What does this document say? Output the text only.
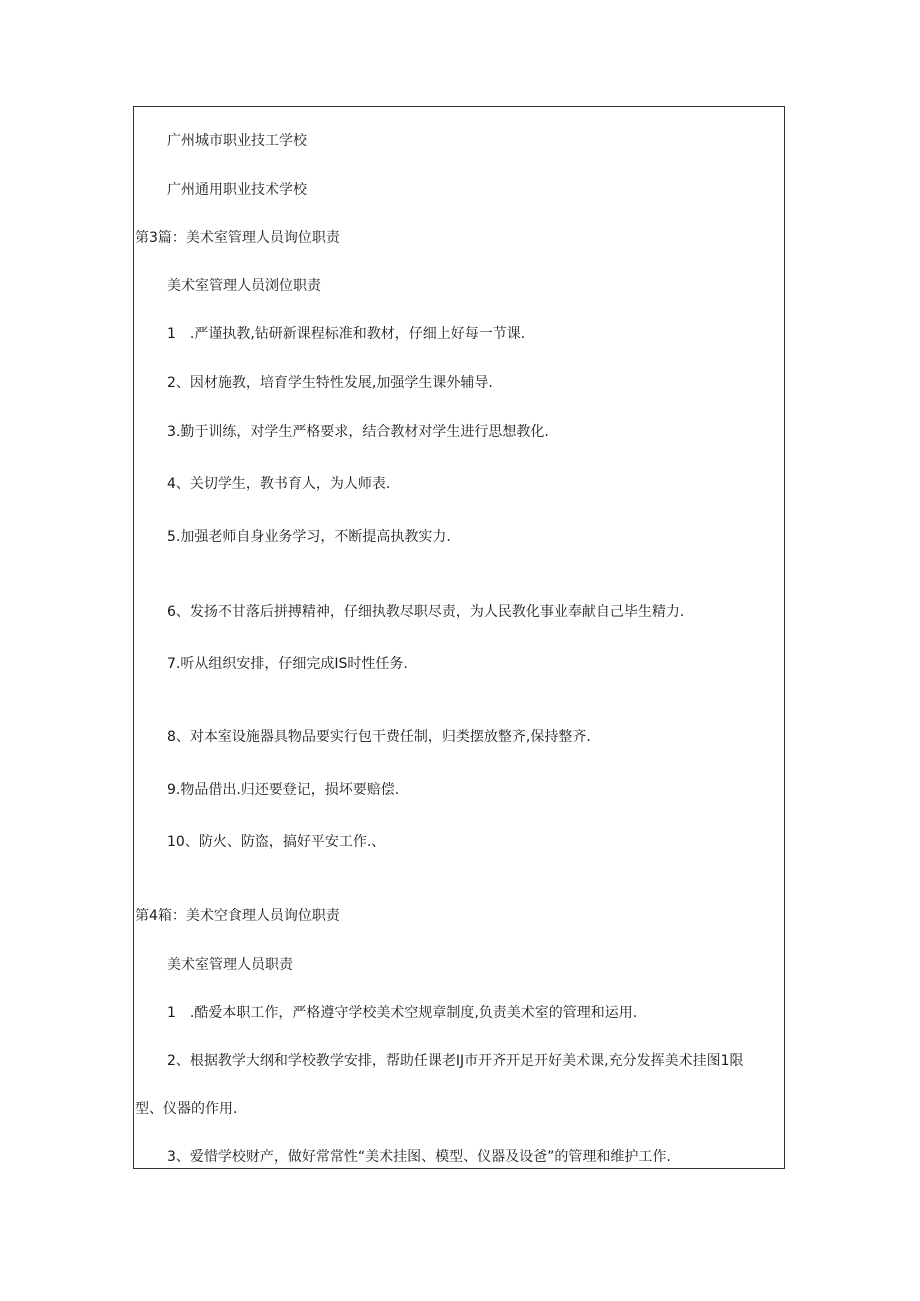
广州城市职业技工学校
广州通用职业技术学校
第3篇：美术室管理人员询位职责
美术室管理人员浏位职责
1　.严谨执教,钻研新课程标准和教材，仔细上好每一节课.
2、因材施教，培育学生特性发展,加强学生课外辅导.
3.勤于训练，对学生严格要求，结合教材对学生进行思想教化.
4、关切学生，教书育人，为人师表.
5.加强老师自身业务学习，不断提高执教实力.
6、发扬不甘落后拼搏精神，仔细执教尽职尽责，为人民教化事业奉献自己毕生精力.
7.听从组织安排，仔细完成IS时性任务.
8、对本室设施器具物品要实行包干费任制，归类摆放整齐,保持整齐.
9.物品借出.归还要登记，损坏要赔偿.
10、防火、防盗，搞好平安工作.、
第4箱：美术空食理人员询位职责
美术室管理人员职责
1　.酷爱本职工作，严格遵守学校美术空规章制度,负责美术室的管理和运用.
2、根据教学大纲和学校教学安排，帮助任课老IJ市开齐开足开好美术课,充分发挥美术挂图1限
型、仪器的作用.
3、爱惜学校财产，做好常常性“美术挂图、模型、仪器及设爸”的管理和维护工作.
